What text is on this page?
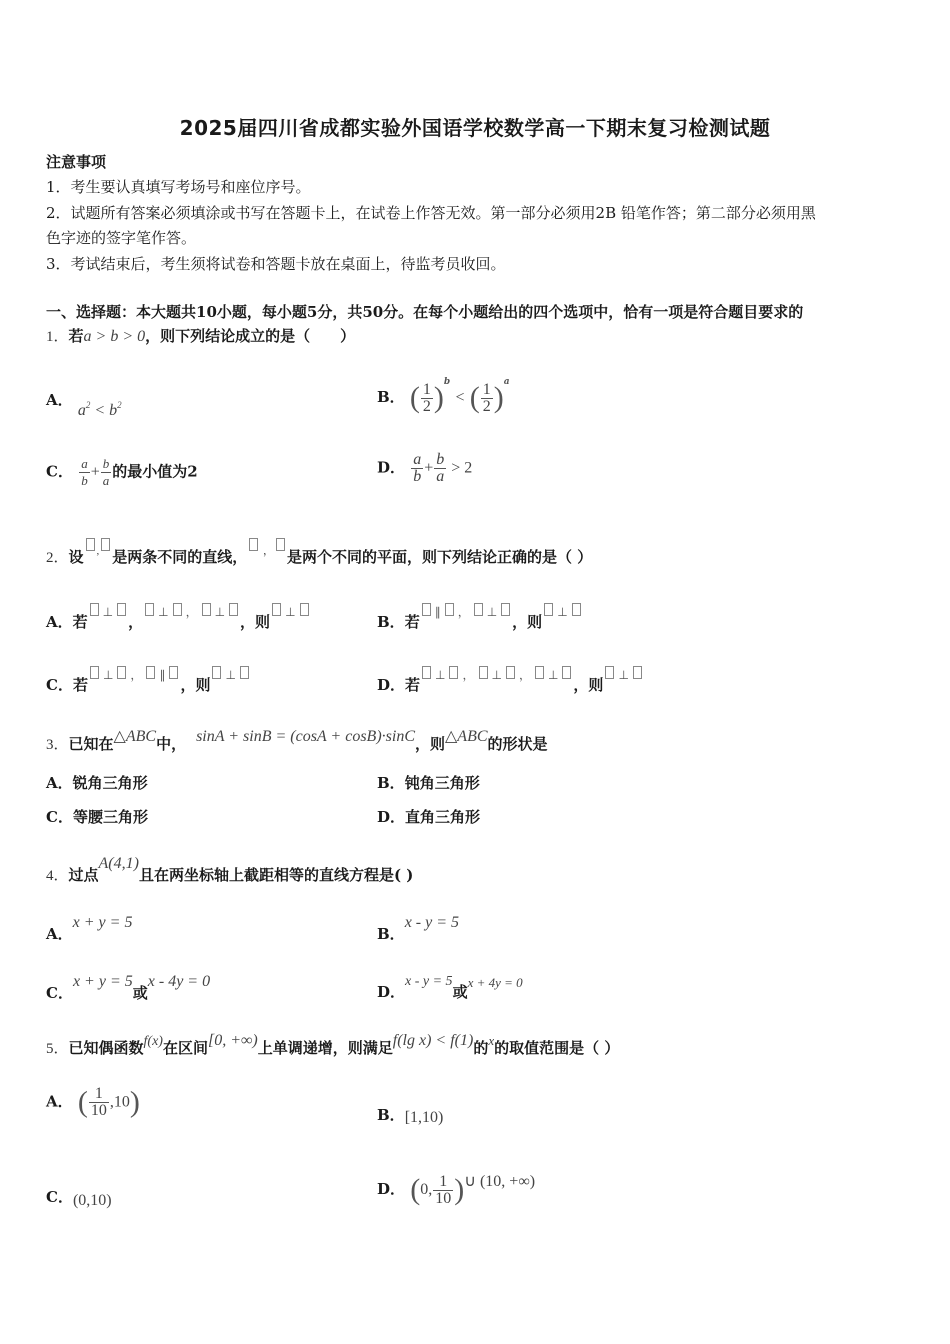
2025届四川省成都实验外国语学校数学高一下期末复习检测试题
注意事项
1．考生要认真填写考场号和座位序号。
2．试题所有答案必须填涂或书写在答题卡上，在试卷上作答无效。第一部分必须用2B 铅笔作答；第二部分必须用黑
色字迹的签字笔作答。
3．考试结束后，考生须将试卷和答题卡放在桌面上，待监考员收回。
一、选择题：本大题共10小题，每小题5分，共50分。在每个小题给出的四个选项中，恰有一项是符合题目要求的
1．若a > b > 0，则下列结论成立的是（　　）
A． $a^2 < b^2$	B． ( $\frac{1}{2} )^b$ < ( $\frac{1}{2} )^a$
C． $\frac{a}{b} + \frac{b}{a}$ 的最小值为2	D． $\frac{a}{b} + \frac{b}{a} > 2$
2．设 , 是两条不同的直线， ， 是两个不同的平面，则下列结论正确的是（ ）
A．若⊥，⊥ ， ⊥，则⊥
B．若∥ ， ⊥，则⊥
C．若⊥ ， ∥，则⊥
D．若⊥ ， ⊥ ， ⊥，则⊥
3．已知在△ABC中， sinA + sinB = (cosA + cosB)·sinC，则△ABC的形状是
A．锐角三角形	B．钝角三角形
C．等腰三角形	D．直角三角形
4．过点A(4,1)且在两坐标轴上截距相等的直线方程是( )
A．x + y = 5
B．x - y = 5
C．x + y = 5或x - 4y = 0
D．x - y = 5或x + 4y = 0
5．已知偶函数f(x)在区间[0, +∞)上单调递增，则满足f(lg x) < f(1)的x的取值范围是（ ）
A． ( $\frac{1}{10} ,10$)	B．[1,10)
C．(0,10)
D． (0, $\frac{1}{10}$ )∪ (10, +∞)
